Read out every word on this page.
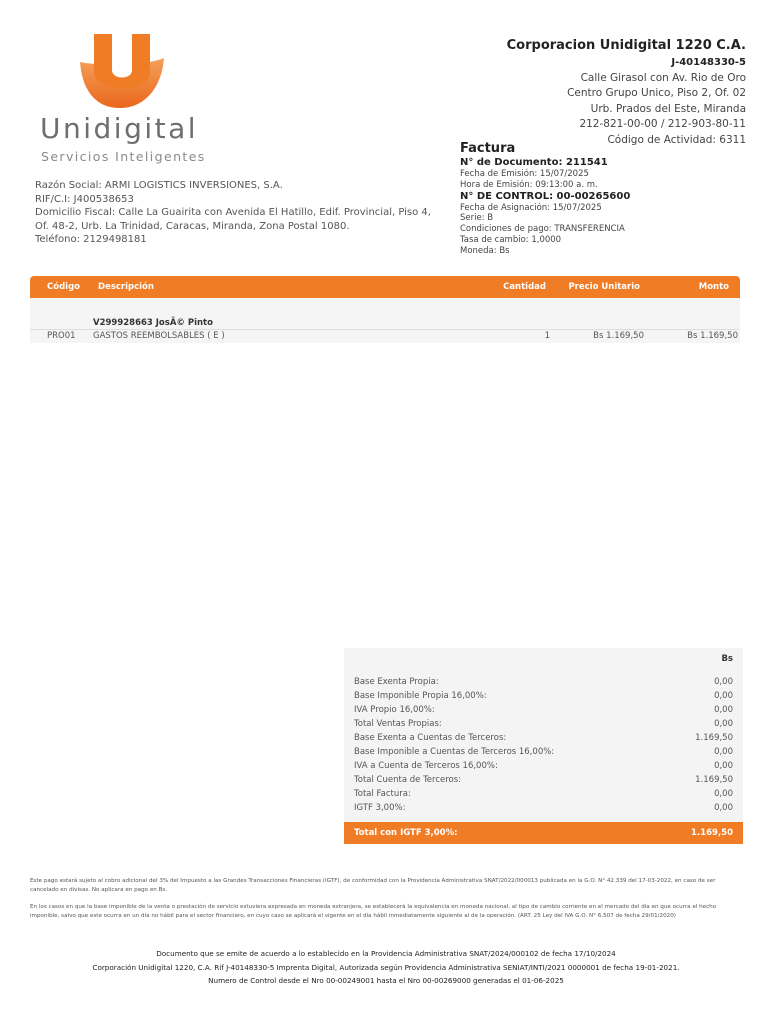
Unidigital
Servicios Inteligentes
Corporacion Unidigital 1220 C.A.
J-40148330-5
Calle Girasol con Av. Rio de Oro
Centro Grupo Unico, Piso 2, Of. 02
Urb. Prados del Este, Miranda
212-821-00-00 / 212-903-80-11
Código de Actividad: 6311
Razón Social: ARMI LOGISTICS INVERSIONES, S.A.
RIF/C.I: J400538653
Domicilio Fiscal: Calle La Guairita con Avenida El Hatillo, Edif. Provincial, Piso 4, Of. 48-2, Urb. La Trinidad, Caracas, Miranda, Zona Postal 1080.
Teléfono: 2129498181
Factura
N° de Documento: 211541
Fecha de Emisión: 15/07/2025
Hora de Emisión: 09:13:00 a. m.
N° DE CONTROL: 00-00265600
Fecha de Asignación: 15/07/2025
Serie: B
Condiciones de pago: TRANSFERENCIA
Tasa de cambio: 1,0000
Moneda: Bs
Código Descripción	Cantidad	Precio Unitario	Monto
V299928663 JosÃ© Pinto
PRO01 GASTOS REEMBOLSABLES ( E )	1	Bs 1.169,50	Bs 1.169,50
Bs
Base Exenta Propia:	0,00
Base Imponible Propia 16,00%:	0,00
IVA Propio 16,00%:	0,00
Total Ventas Propias:	0,00
Base Exenta a Cuentas de Terceros:	1.169,50
Base Imponible a Cuentas de Terceros 16,00%:	0,00
IVA a Cuenta de Terceros 16,00%:	0,00
Total Cuenta de Terceros:	1.169,50
Total Factura:	0,00
IGTF 3,00%:	0,00
Total con IGTF 3,00%:	1.169,50
Este pago estará sujeto al cobro adicional del 3% del Impuesto a las Grandes Transacciones Financieras (IGTF), de conformidad con la Providencia Administrativa SNAT/2022/000013 publicada en la G.O. N° 42.339 del 17-03-2022, en caso de ser cancelado en divisas. No aplicara en pago en Bs.
En los casos en que la base imponible de la venta o prestación de servicio estuviera expresada en moneda extranjera, se establecerá la equivalencia en moneda nacional, al tipo de cambio corriente en el mercado del día en que ocurra el hecho imponible, salvo que este ocurra en un día no hábil para el sector financiero, en cuyo caso se aplicará el vigente en el día hábil inmediatamente siguiente al de la operación. (ART. 25 Ley del IVA G.O. N° 6.507 de fecha 29/01/2020)
Documento que se emite de acuerdo a lo establecido en la Providencia Administrativa SNAT/2024/000102 de fecha 17/10/2024
Corporación Unidigital 1220, C.A. Rif J-40148330-5 Imprenta Digital, Autorizada según Providencia Administrativa SENIAT/INTI/2021 0000001 de fecha 19-01-2021.
Numero de Control desde el Nro 00-00249001 hasta el Nro 00-00269000 generadas el 01-06-2025
